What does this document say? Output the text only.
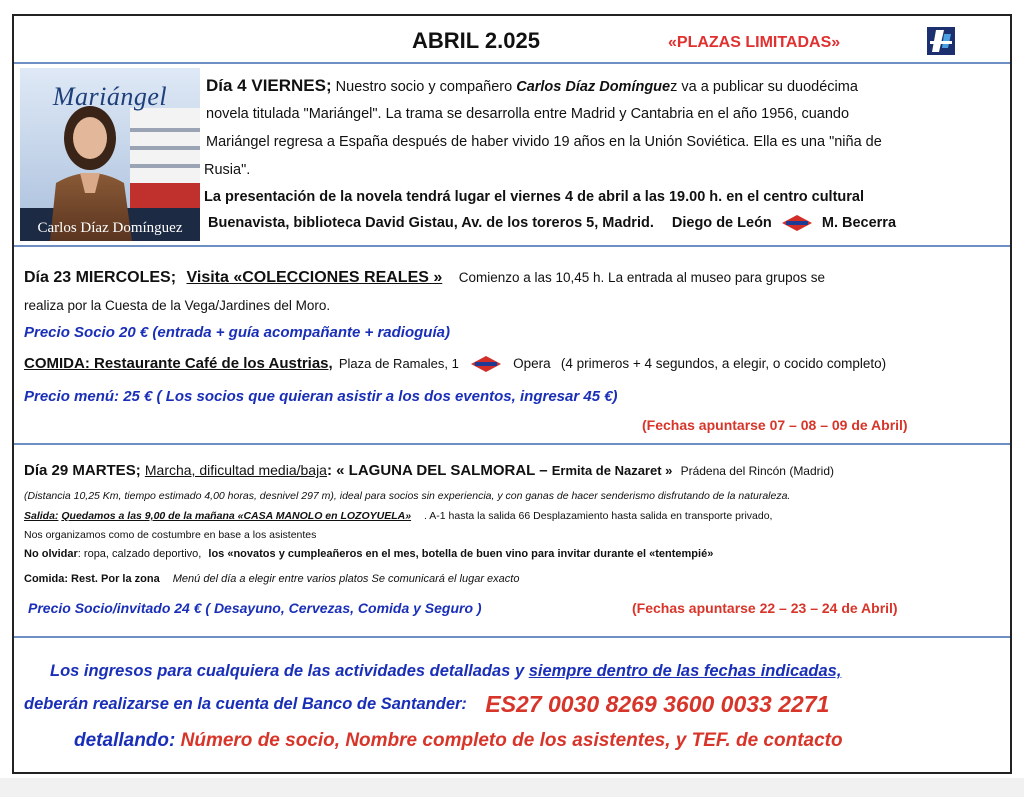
ABRIL 2.025	«PLAZAS LIMITADAS»
Mariángel
Carlos Díaz Domínguez
Día 4 VIERNES; Nuestro socio y compañero Carlos Díaz Domínguez va a publicar su duodécima
novela titulada "Mariángel". La trama se desarrolla entre Madrid y Cantabria en el año 1956, cuando
Mariángel regresa a España después de haber vivido 19 años en la Unión Soviética. Ella es una "niña de
Rusia".
La presentación de la novela tendrá lugar el viernes 4 de abril a las 19.00 h. en el centro cultural
Buenavista, biblioteca David Gistau, Av. de los toreros 5, Madrid. Diego de León	M. Becerra
Día 23 MIERCOLES; Visita «COLECCIONES REALES » Comienzo a las 10,45 h. La entrada al museo para grupos se
realiza por la Cuesta de la Vega/Jardines del Moro.
Precio Socio 20 € (entrada + guía acompañante + radioguía)
COMIDA: Restaurante Café de los Austrias, Plaza de Ramales, 1	Opera (4 primeros + 4 segundos, a elegir, o cocido completo)
Precio menú: 25 € ( Los socios que quieran asistir a los dos eventos, ingresar 45 €)
(Fechas apuntarse 07 – 08 – 09 de Abril)
Día 29 MARTES; Marcha, dificultad media/baja: « LAGUNA DEL SALMORAL – Ermita de Nazaret » Prádena del Rincón (Madrid)
(Distancia 10,25 Km, tiempo estimado 4,00 horas, desnivel 297 m), ideal para socios sin experiencia, y con ganas de hacer senderismo disfrutando de la naturaleza.
Salida: Quedamos a las 9,00 de la mañana «CASA MANOLO en LOZOYUELA» . A-1 hasta la salida 66 Desplazamiento hasta salida en transporte privado,
Nos organizamos como de costumbre en base a los asistentes
No olvidar: ropa, calzado deportivo, los «novatos y cumpleañeros en el mes, botella de buen vino para invitar durante el «tentempié»
Comida: Rest. Por la zona Menú del día a elegir entre varios platos Se comunicará el lugar exacto
Precio Socio/invitado 24 € ( Desayuno, Cervezas, Comida y Seguro )	(Fechas apuntarse 22 – 23 – 24 de Abril)
Los ingresos para cualquiera de las actividades detalladas y siempre dentro de las fechas indicadas,
deberán realizarse en la cuenta del Banco de Santander: ES27 0030 8269 3600 0033 2271
detallando: Número de socio, Nombre completo de los asistentes, y TEF. de contacto
